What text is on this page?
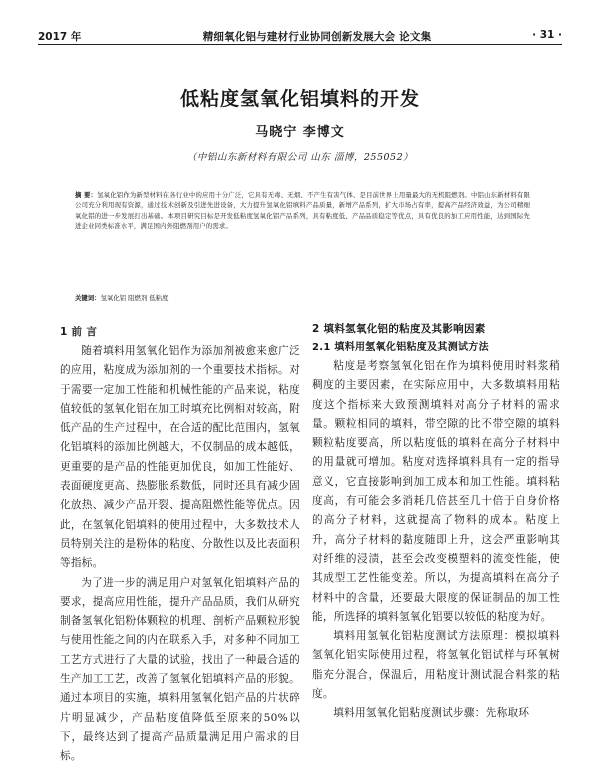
2017 年	精细氧化铝与建材行业协同创新发展大会 论文集	· 31 ·
低粘度氢氧化铝填料的开发
马晓宁 李博文
（中铝山东新材料有限公司 山东 淄博，255052）
摘 要：氢氧化铝作为新型材料在各行业中的应用十分广泛，它具有无毒、无烟、不产生有害气体、是目前世界上用量最大的无机阻燃剂。中铝山东新材料有限公司充分利用现有资源，通过技术创新及引进先进设备，大力提升氢氧化铝填料产品质量，新增产品系列，扩大市场占有率，提高产品经济效益，为公司精细氧化铝的进一步发展打出基础。本项目研究目标是开发低粘度氢氧化铝产品系列，具有粘度低、产品品质稳定等优点，具有优良的加工应用性能，达到国际先进企业同类标准水平，满足国内外阻燃剂用户的需求。
关键词：氢氧化铝 阻燃剂 低粘度
1 前 言

随着填料用氢氧化铝作为添加剂被愈来愈广泛的应用，粘度成为添加剂的一个重要技术指标。对于需要一定加工性能和机械性能的产品来说，粘度值较低的氢氧化铝在加工时填充比例相对较高，附低产品的生产过程中，在合适的配比范围内，氢氧化铝填料的添加比例越大，不仅制品的成本越低，更重要的是产品的性能更加优良，如加工性能好、表面硬度更高、热膨胀系数低，同时还具有减少固化放热、减少产品开裂、提高阻燃性能等优点。因此，在氢氧化铝填料的使用过程中，大多数技术人员特别关注的是粉体的粘度、分散性以及比表面积等指标。

为了进一步的满足用户对氢氧化铝填料产品的要求，提高应用性能，提升产品品质，我们从研究制备氢氧化铝粉体颗粒的机理、剖析产品颗粒形貌与使用性能之间的内在联系入手，对多种不同加工工艺方式进行了大量的试验，找出了一种最合适的生产加工工艺，改善了氢氧化铝填料产品的形貌。通过本项目的实施，填料用氢氧化铝产品的片状碎片明显减少，产品粘度值降低至原来的50%以下，最终达到了提高产品质量满足用户需求的目标。

2 填料氢氧化铝的粘度及其影响因素
2.1 填料用氢氧化铝粘度及其测试方法

粘度是考察氢氧化铝在作为填料使用时料浆稍稠度的主要因素，在实际应用中，大多数填料用粘度这个指标来大致预测填料对高分子材料的需求量。颗粒相同的填料，带空隙的比不带空隙的填料颗粒粘度要高，所以粘度低的填料在高分子材料中的用量就可增加。粘度对选择填料具有一定的指导意义，它直接影响到加工成本和加工性能。填料粘度高，有可能会多消耗几倍甚至几十倍于自身价格的高分子材料，这就提高了物料的成本。粘度上升，高分子材料的黏度随即上升，这会严重影响其对纤维的浸渍，甚至会改变模塑料的流变性能，使其成型工艺性能变差。所以，为提高填料在高分子材料中的含量，还要最大限度的保证制品的加工性能，所选择的填料氢氧化铝要以较低的粘度为好。

填料用氢氧化铝粘度测试方法原理：模拟填料氢氧化铝实际使用过程，将氢氧化铝试样与环氧树脂充分混合，保温后，用粘度计测试混合料浆的粘度。

填料用氢氧化铝粘度测试步骤：先称取环
